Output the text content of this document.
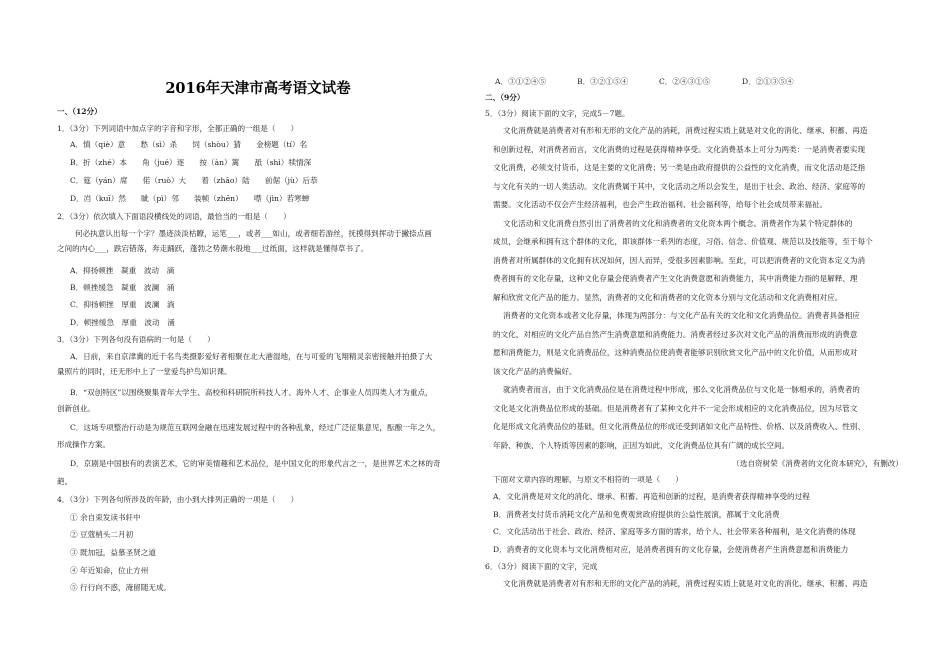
2016年天津市高考语文试卷
一、（12分）
1．（3分）下列词语中加点字的字音和字形，全都正确的一组是（　　）
A．慎（qiè）意　　愁（sì）杀　　饲（shòu）猜　　金榜题（tí）名
B．折（zhé）本　　角（jué）逐　　按（àn）篱　　舐（shì）犊情深
C．筵（yán）席　　偌（ruò）大　　着（zhāo）陆　　前倨（jù）后恭
D．岿（kuī）然　　眦（pì）邻　　装帧（zhēn）　　噤（jìn）若寒蝉
2．（3分）依次填入下面语段横线处的词语，最恰当的一组是（　　）
何必执意认出每一个字？墨迹淡淡枯瞭，运笔___，或者___如山，或者细若游丝，抚摸得到挥动于撇捺点画
之间的内心___，跌宕错落，奔走踊跃，蓬勃之势潮水般地___过纸面，这样就是懂得草书了。
A．抑扬顿挫　凝重　波动　滴
B．顿挫缓急　凝重　波澜　涌
C．抑扬顿挫　厚重　波澜　淌
D．顿挫缓急　厚重　波动　涌
3．（3分）下列各句没有语病的一句是（　　）
A．日前，来自京津冀的近千名鸟类摄影爱好者相聚在北大港湿地，在与可爱的飞翔精灵亲密接触并拍摄了大
量照片的同时，还无形中上了一堂爱鸟护鸟知识课。
B．“双创特区”以围绕聚集青年大学生、高校和科研院所科技人才、海外人才、企事业人员四类人才为重点，
创新创业。
C．这场专项整治行动是为规范互联网金融在迅速发展过程中的各种乱象，经过广泛征集意见，酝酿一年之久，
形成操作方案。
D．京剧是中国独有的表演艺术，它的审美情趣和艺术品位，是中国文化的形象代言之一，是世界艺术之林的奇
葩。
4．（3分）下列各句所涉及的年龄，由小到大排列正确的一项是（　　）
① 余自束发读书轩中
② 豆蔻梢头二月初
③ 既加冠，益慕圣贤之道
④ 年近知命，位止方州
⑤ 行行向不惑，淹留随无成。
A．③①②④⑤	B．③②①⑤④	C．②④③①⑤	D．②①③⑤④
二、（9分）
5．（3分）阅读下面的文字，完成5－7题。
文化消费就是消费者对有形和无形的文化产品的消耗，消费过程实质上就是对文化的消化、继承、积蓄、再造
和创新过程，对消费者而言，文化消费的过程是获得精神享受。文化消费基本上可分为两类：一是消费者要实现
文化消费，必须支付货币，这是主要的文化消费；另一类是由政府提供的公益性的文化消费，而文化活动是泛指
与文化有关的一切人类活动。文化消费属于其中，文化活动之所以会发生，是出于社会、政治、经济、家庭等的
需要。文化活动不仅会产生经济福利，也会产生政治福利、社会福利等，给每个社会成员带来福祉。
文化活动和文化消费自然引出了消费者的文化和消费者的文化资本两个概念。消费者作为某个特定群体的
成员，会继承和拥有这个群体的文化，即该群体一系列的态度，习俗、信念、价值观、规范以及技能等，至于每个
消费者对所属群体的文化拥有状况如何，因人而异，受很多因素影响。至此，可以把消费者的文化资本定义为消
费者拥有的文化存量，这种文化存量会使消费者产生文化消费意愿和消费能力，其中消费能力指的是解释、理
解和欣赏文化产品的能力。显然，消费者的文化和消费者的文化资本分别与文化活动和文化消费相对应。
消费者的文化资本或者文化存量，体现为两部分：与文化产品有关的文化和文化消费品位。消费者具备相应
的文化，对相应的文化产品自然产生消费意愿和消费能力。消费者经过多次对文化产品的消费而形成的消费意
愿和消费能力，则是文化消费品位，这种消费品位使消费者能够识别欣赏文化产品中的文化价值，从而形成对
该文化产品的消费偏好。
就消费者而言，由于文化消费品位是在消费过程中形成，那么文化消费品位与文化是一脉相承的，消费者的
文化是文化消费品位形成的基础。但是消费者有了某种文化并不一定会形成相应的文化消费品位，因为尽管文
化是形成文化消费品位的基础，但文化消费品位的形成还受到诸如文化产品特性、价格、以及消费收入、性别、
年龄、种族、个人特质等因素的影响，正因为如此，文化消费品位具有广阔的成长空间。
（选自资树荣《消费者的文化资本研究》，有删改）
下面对文章内容的理解，与原文不相符的一项是（　　）
A．文化消费是对文化的消化、继承、积蓄、再造和创新的过程，是消费者获得精神享受的过程
B．消费者支付货币消耗文化产品和免费观赏政府提供的公益性展演，都属于文化消费
C．文化活动出于社会、政治、经济、家庭等多方面的需求，给个人、社会带来各种福利，是文化消费的体现
D．消费者的文化资本与文化消费相对应，是消费者拥有的文化存量，会使消费者产生消费意愿和消费能力
6．（3分）阅读下面的文字，完成
文化消费就是消费者对有形和无形的文化产品的消耗，消费过程实质上就是对文化的消化、继承、积蓄、再造
